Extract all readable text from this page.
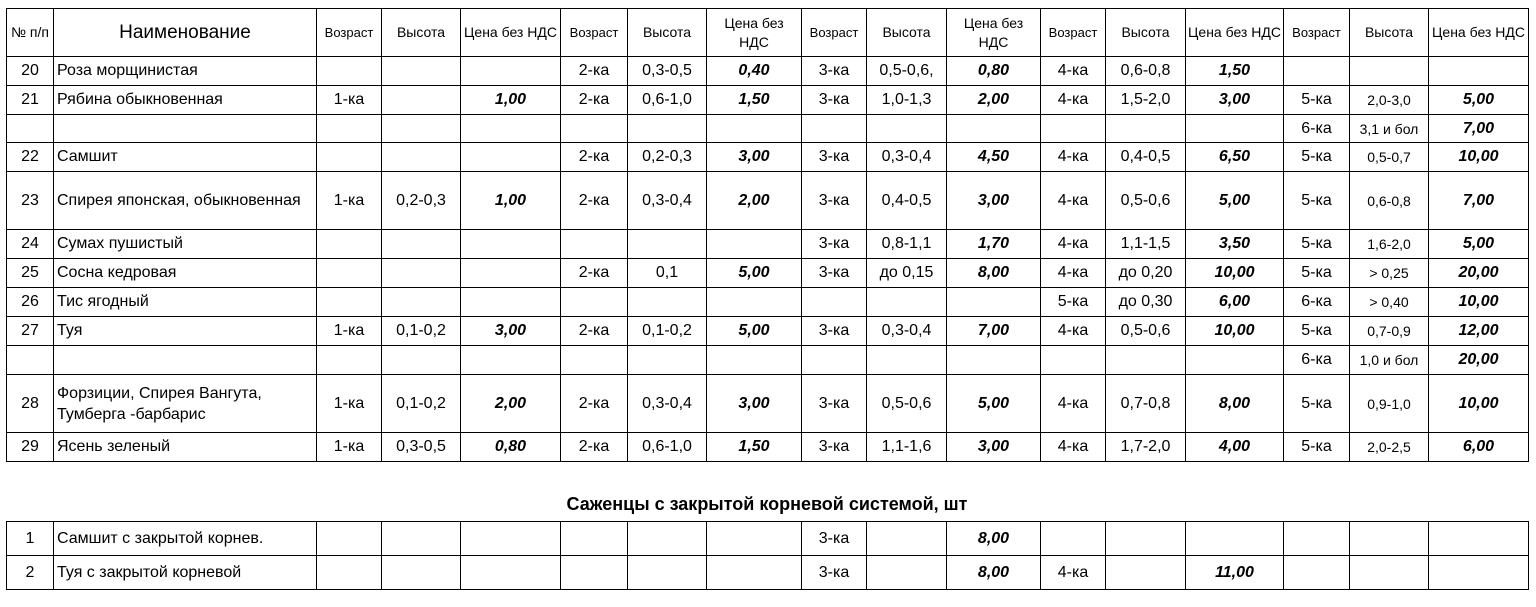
№ п/п	Наименование	Возраст	Высота	Цена без НДС	Возраст	Высота	Цена без НДС	Возраст	Высота	Цена без НДС	Возраст	Высота	Цена без НДС	Возраст	Высота	Цена без НДС
20	Роза морщинистая				2-ка	0,3-0,5	0,40	3-ка	0,5-0,6,	0,80	4-ка	0,6-0,8	1,50			
21	Рябина обыкновенная	1-ка		1,00	2-ка	0,6-1,0	1,50	3-ка	1,0-1,3	2,00	4-ка	1,5-2,0	3,00	5-ка	2,0-3,0	5,00
														6-ка	3,1 и бол	7,00
22	Самшит				2-ка	0,2-0,3	3,00	3-ка	0,3-0,4	4,50	4-ка	0,4-0,5	6,50	5-ка	0,5-0,7	10,00
23	Спирея японская, обыкновенная	1-ка	0,2-0,3	1,00	2-ка	0,3-0,4	2,00	3-ка	0,4-0,5	3,00	4-ка	0,5-0,6	5,00	5-ка	0,6-0,8	7,00
24	Сумах пушистый							3-ка	0,8-1,1	1,70	4-ка	1,1-1,5	3,50	5-ка	1,6-2,0	5,00
25	Сосна кедровая				2-ка	0,1	5,00	3-ка	до 0,15	8,00	4-ка	до 0,20	10,00	5-ка	> 0,25	20,00
26	Тис ягодный										5-ка	до 0,30	6,00	6-ка	> 0,40	10,00
27	Туя	1-ка	0,1-0,2	3,00	2-ка	0,1-0,2	5,00	3-ка	0,3-0,4	7,00	4-ка	0,5-0,6	10,00	5-ка	0,7-0,9	12,00
														6-ка	1,0 и бол	20,00
28	Форзиции, Спирея Вангута, Тумберга -барбарис	1-ка	0,1-0,2	2,00	2-ка	0,3-0,4	3,00	3-ка	0,5-0,6	5,00	4-ка	0,7-0,8	8,00	5-ка	0,9-1,0	10,00
29	Ясень зеленый	1-ка	0,3-0,5	0,80	2-ка	0,6-1,0	1,50	3-ка	1,1-1,6	3,00	4-ка	1,7-2,0	4,00	5-ка	2,0-2,5	6,00
Саженцы с закрытой корневой системой, шт
1	Самшит с закрытой корнев.							3-ка		8,00						
2	Туя с закрытой корневой							3-ка		8,00	4-ка		11,00			
